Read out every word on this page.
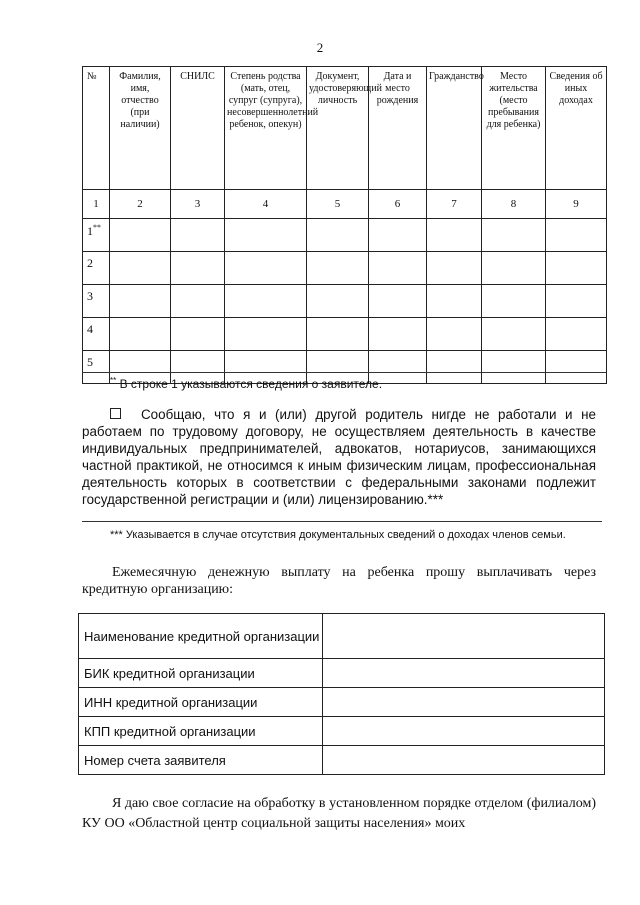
2
№	Фамилия, имя, отчество (при наличии)	СНИЛС	Степень родства (мать, отец, супруг (супруга), несовершеннолетний ребенок, опекун)	Документ, удостоверяющий личность	Дата и место рождения	Гражданство	Место жительства (место пребывания для ребенка)	Сведения об иных доходах
1	2	3	4	5	6	7	8	9
1**								
2								
3								
4								
5								
** В строке 1 указываются сведения о заявителе.
Сообщаю, что я и (или) другой родитель нигде не работали и не работаем по трудовому договору, не осуществляем деятельность в качестве индивидуальных предпринимателей, адвокатов, нотариусов, занимающихся частной практикой, не относимся к иным физическим лицам, профессиональная деятельность которых в соответствии с федеральными законами подлежит государственной регистрации и (или) лицензированию.***
*** Указывается в случае отсутствия документальных сведений о доходах членов семьи.
Ежемесячную денежную выплату на ребенка прошу выплачивать через кредитную организацию:
Наименование кредитной организации	
БИК кредитной организации	
ИНН кредитной организации	
КПП кредитной организации	
Номер счета заявителя	
Я даю свое согласие на обработку в установленном порядке отделом (филиалом) КУ ОО «Областной центр социальной защиты населения» моих
